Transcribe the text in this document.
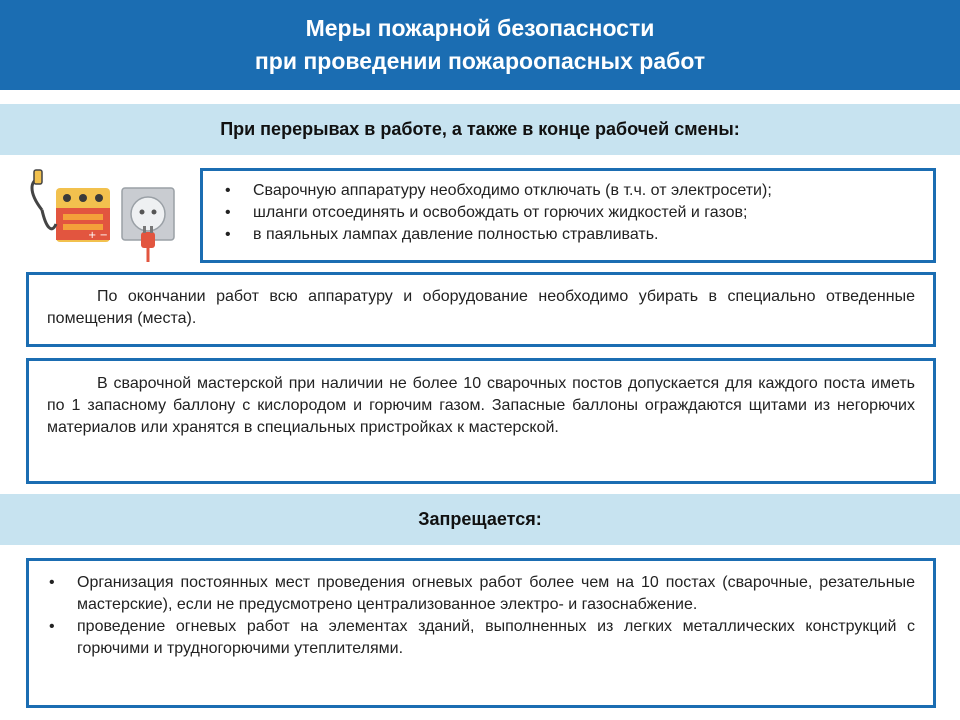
Меры пожарной безопасности
при проведении пожароопасных работ
При перерывах в работе, а также в конце рабочей смены:
+ −
• Сварочную аппаратуру необходимо отключать (в т.ч. от электросети);
• шланги отсоединять и освобождать от горючих жидкостей и газов;
• в паяльных лампах давление полностью стравливать.

По окончании работ всю аппаратуру и оборудование необходимо убирать в специально отведенные помещения (места).

В сварочной мастерской при наличии не более 10 сварочных постов допускается для каждого поста иметь по 1 запасному баллону с кислородом и горючим газом. Запасные баллоны ограждаются щитами из негорючих материалов или хранятся в специальных пристройках к мастерской.

Запрещается:
• Организация постоянных мест проведения огневых работ более чем на 10 постах (сварочные, резательные мастерские), если не предусмотрено централизованное электро- и газоснабжение.
• проведение огневых работ на элементах зданий, выполненных из легких металлических конструкций с горючими и трудногорючими утеплителями.
